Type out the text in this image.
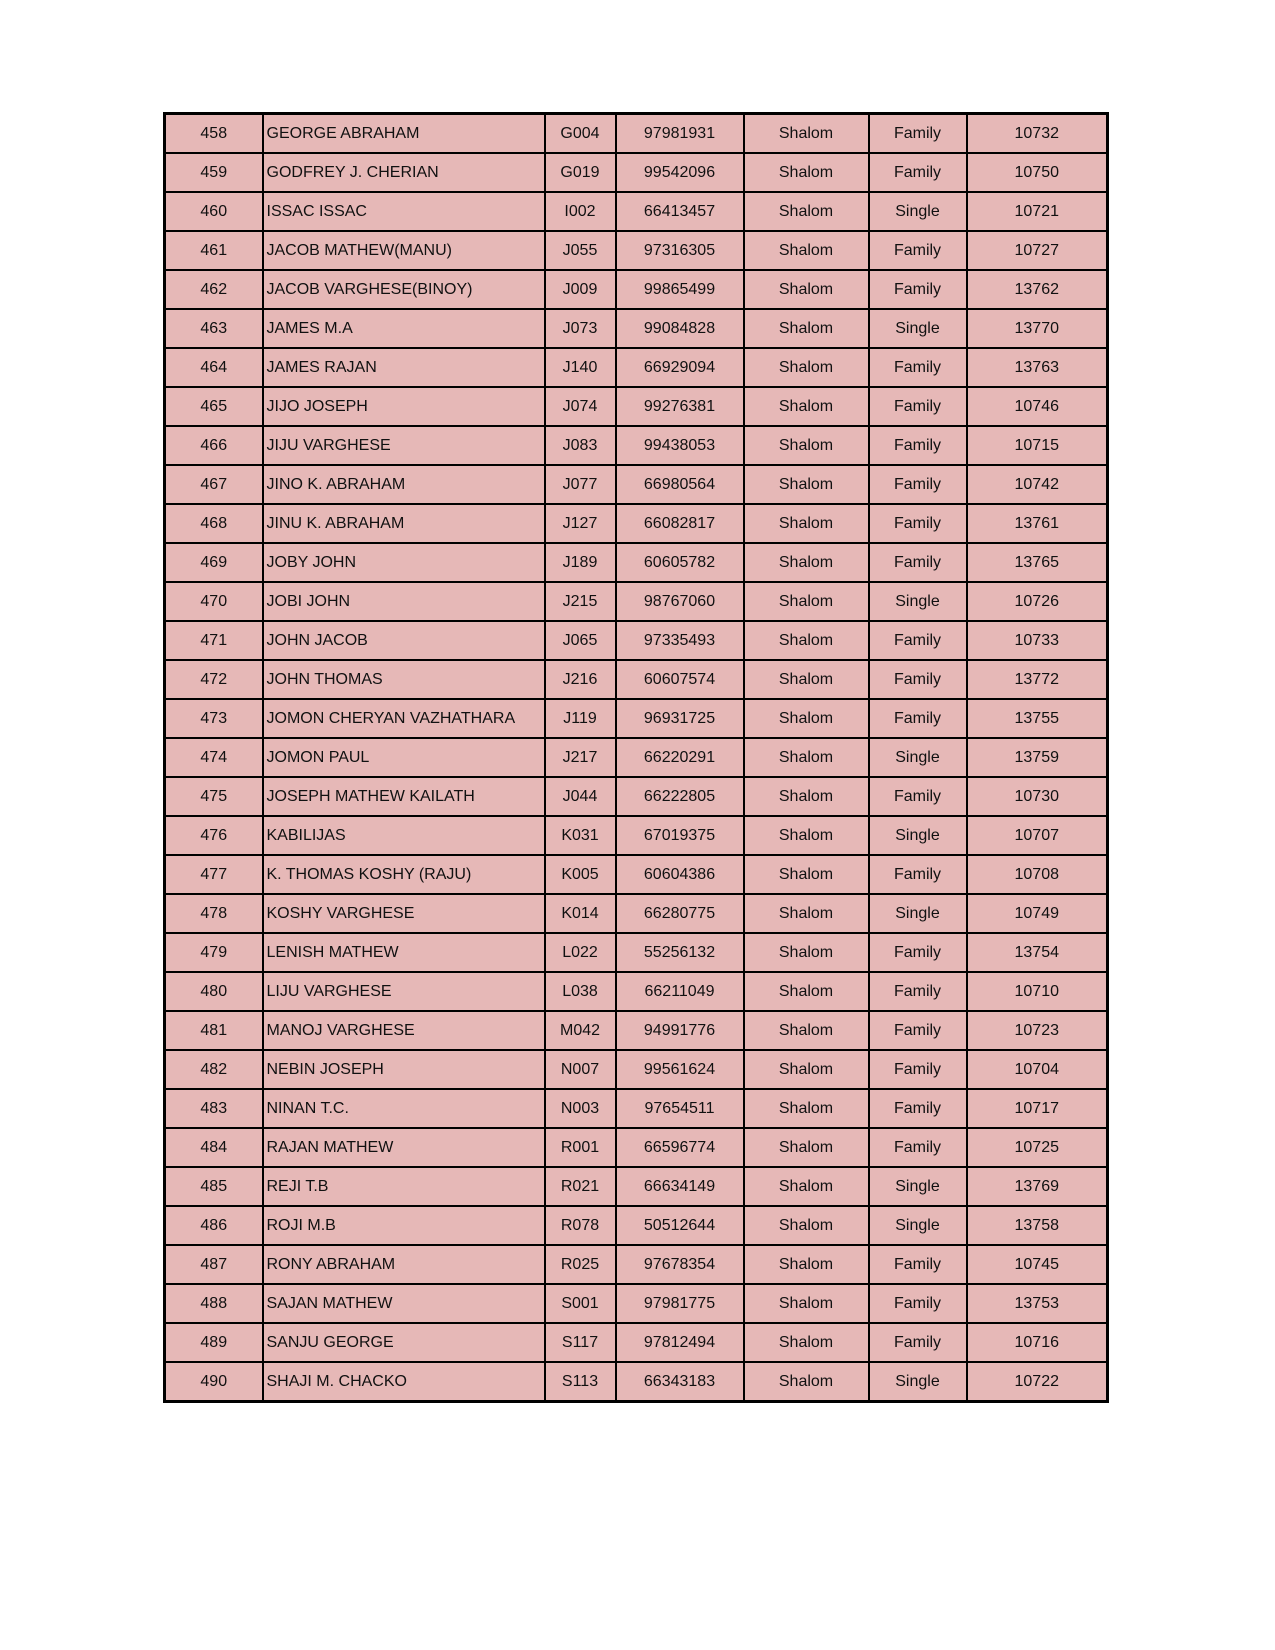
458	GEORGE ABRAHAM	G004	97981931	Shalom	Family	10732
459	GODFREY J. CHERIAN	G019	99542096	Shalom	Family	10750
460	ISSAC ISSAC	I002	66413457	Shalom	Single	10721
461	JACOB MATHEW(MANU)	J055	97316305	Shalom	Family	10727
462	JACOB VARGHESE(BINOY)	J009	99865499	Shalom	Family	13762
463	JAMES M.A	J073	99084828	Shalom	Single	13770
464	JAMES RAJAN	J140	66929094	Shalom	Family	13763
465	JIJO JOSEPH	J074	99276381	Shalom	Family	10746
466	JIJU VARGHESE	J083	99438053	Shalom	Family	10715
467	JINO K. ABRAHAM	J077	66980564	Shalom	Family	10742
468	JINU K. ABRAHAM	J127	66082817	Shalom	Family	13761
469	JOBY JOHN	J189	60605782	Shalom	Family	13765
470	JOBI JOHN	J215	98767060	Shalom	Single	10726
471	JOHN JACOB	J065	97335493	Shalom	Family	10733
472	JOHN THOMAS	J216	60607574	Shalom	Family	13772
473	JOMON CHERYAN VAZHATHARA	J119	96931725	Shalom	Family	13755
474	JOMON PAUL	J217	66220291	Shalom	Single	13759
475	JOSEPH MATHEW KAILATH	J044	66222805	Shalom	Family	10730
476	KABILIJAS	K031	67019375	Shalom	Single	10707
477	K. THOMAS KOSHY (RAJU)	K005	60604386	Shalom	Family	10708
478	KOSHY VARGHESE	K014	66280775	Shalom	Single	10749
479	LENISH MATHEW	L022	55256132	Shalom	Family	13754
480	LIJU VARGHESE	L038	66211049	Shalom	Family	10710
481	MANOJ VARGHESE	M042	94991776	Shalom	Family	10723
482	NEBIN JOSEPH	N007	99561624	Shalom	Family	10704
483	NINAN T.C.	N003	97654511	Shalom	Family	10717
484	RAJAN MATHEW	R001	66596774	Shalom	Family	10725
485	REJI T.B	R021	66634149	Shalom	Single	13769
486	ROJI M.B	R078	50512644	Shalom	Single	13758
487	RONY ABRAHAM	R025	97678354	Shalom	Family	10745
488	SAJAN MATHEW	S001	97981775	Shalom	Family	13753
489	SANJU GEORGE	S117	97812494	Shalom	Family	10716
490	SHAJI M. CHACKO	S113	66343183	Shalom	Single	10722
